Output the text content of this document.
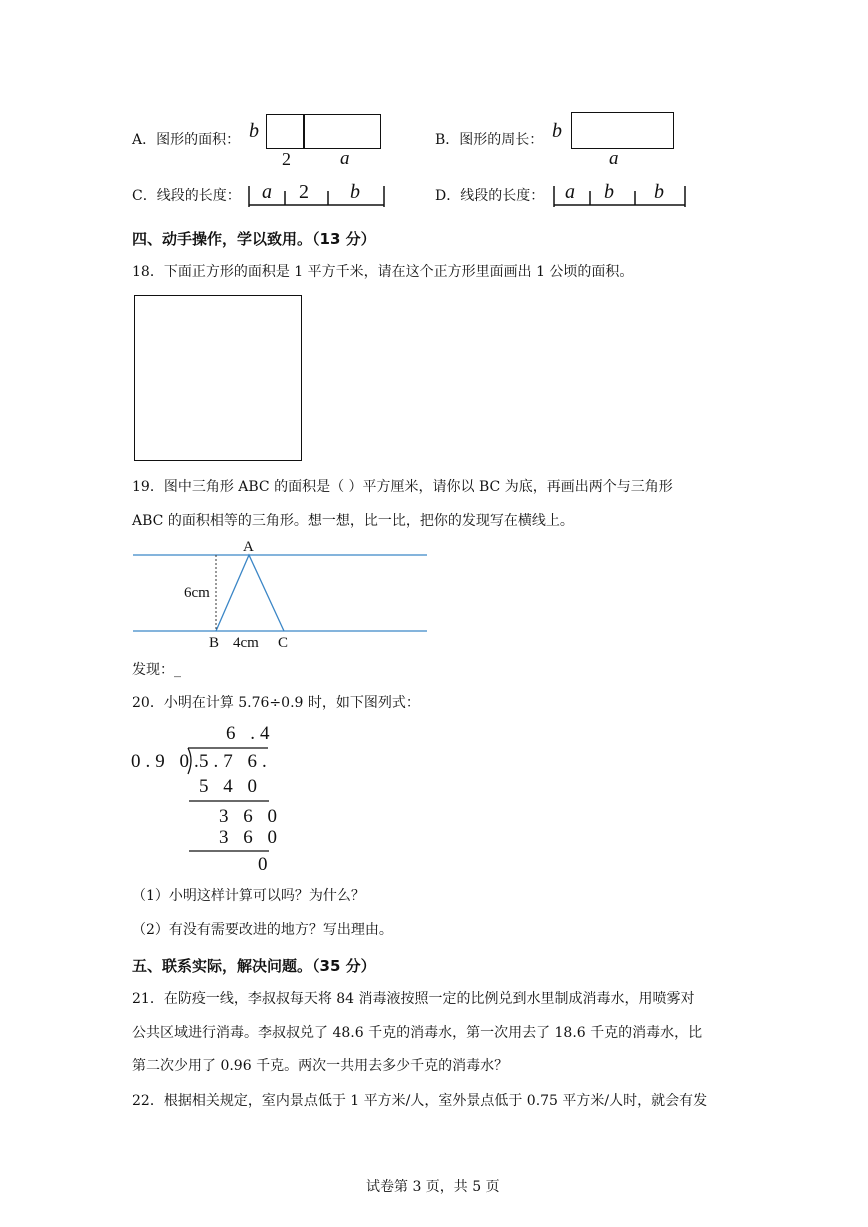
A．图形的面积： b
2	a
B．图形的周长： b
a
C．线段的长度： a 2 b	D．线段的长度： a b b
四、动手操作，学以致用。（13 分）
18．下面正方形的面积是 1 平方千米，请在这个正方形里面画出 1 公顷的面积。
19．图中三角形 ABC 的面积是（ ）平方厘米，请你以 BC 为底，再画出两个与三角形
ABC 的面积相等的三角形。想一想，比一比，把你的发现写在横线上。
A
6cm
B 4cm C
发现：_
20．小明在计算 5.76÷0.9 时，如下图列式：
6 .4
0.9 0.
5.7 6.
5 4 0
3 6 0
3 6 0
0
（1）小明这样计算可以吗？为什么？
（2）有没有需要改进的地方？写出理由。
五、联系实际，解决问题。（35 分）
21．在防疫一线，李叔叔每天将 84 消毒液按照一定的比例兑到水里制成消毒水，用喷雾对
公共区域进行消毒。李叔叔兑了 48.6 千克的消毒水，第一次用去了 18.6 千克的消毒水，比
第二次少用了 0.96 千克。两次一共用去多少千克的消毒水？
22．根据相关规定，室内景点低于 1 平方米/人，室外景点低于 0.75 平方米/人时，就会有发
试卷第 3 页，共 5 页
